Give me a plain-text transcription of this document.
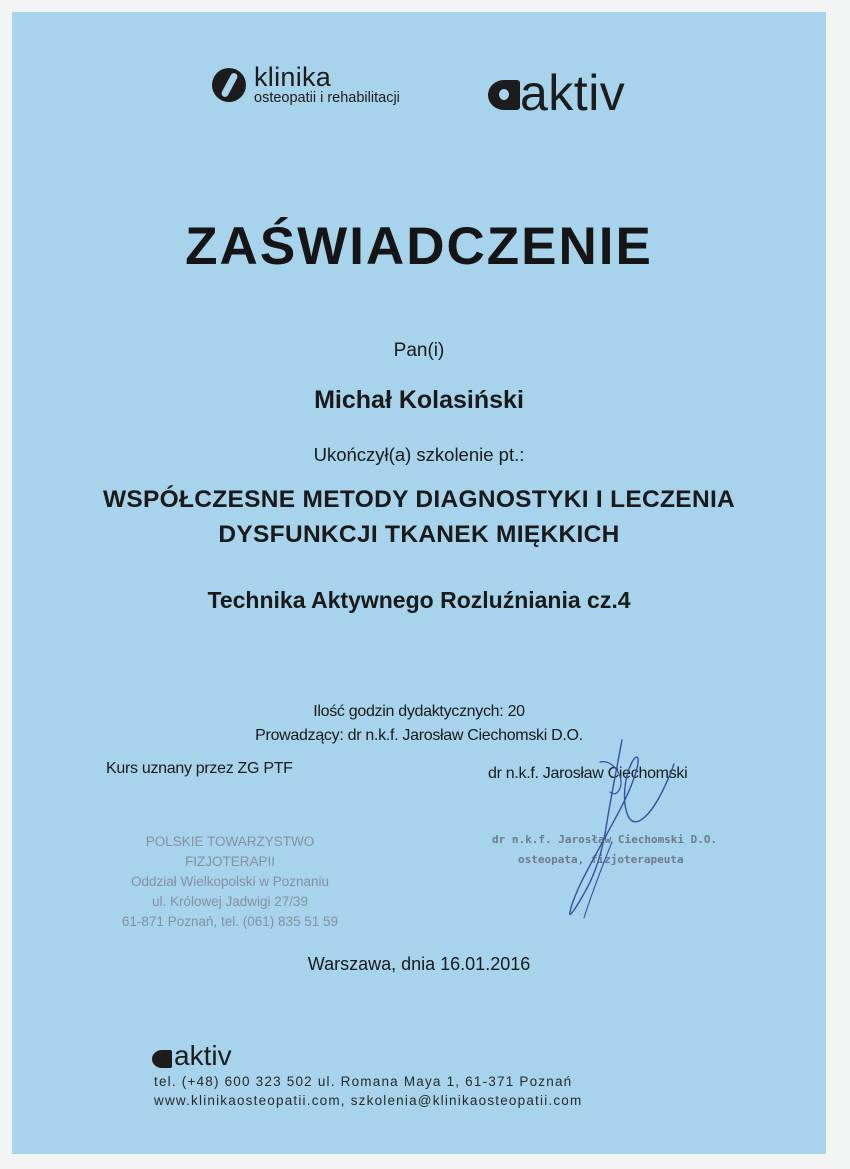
klinika
osteopatii i rehabilitacji aktiv
ZAŚWIADCZENIE
Pan(i)
Michał Kolasiński
Ukończył(a) szkolenie pt.:
WSPÓŁCZESNE METODY DIAGNOSTYKI I LECZENIA
DYSFUNKCJI TKANEK MIĘKKICH
Technika Aktywnego Rozluźniania cz.4
Ilość godzin dydaktycznych: 20
Prowadzący: dr n.k.f. Jarosław Ciechomski D.O.
Kurs uznany przez ZG PTF	dr n.k.f. Jarosław Ciechomski
POLSKIE TOWARZYSTWO FIZJOTERAPII
Oddział Wielkopolski w Poznaniu
ul. Królowej Jadwigi 27/39
61-871 Poznań, tel. (061) 835 51 59
dr n.k.f. Jarosław Ciechomski D.O.
osteopata, fizjoterapeuta
Warszawa, dnia 16.01.2016
aktiv
tel. (+48) 600 323 502 ul. Romana Maya 1, 61-371 Poznań
www.klinikaosteopatii.com, szkolenia@klinikaosteopatii.com
